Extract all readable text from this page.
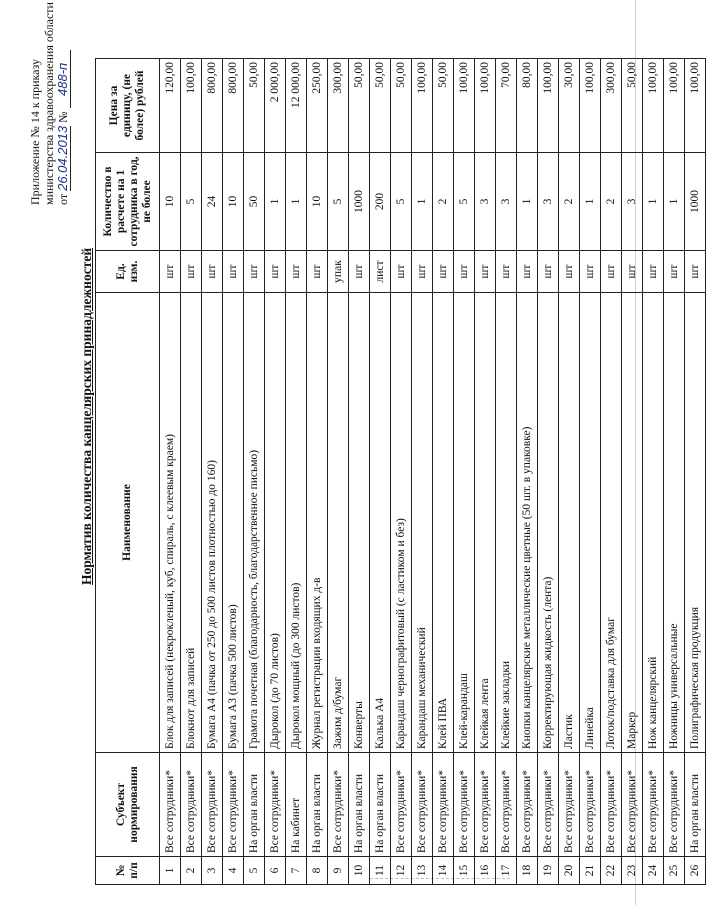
Приложение № 14 к приказу министерства здравоохранения области от 26.04.2013 № 488-п
Норматив количества канцелярских принадлежностей
№ п/п	Субъект нормирования	Наименование	Ед. изм.	Количество в расчете на 1 сотрудника в год, не более	Цена за единицу, (не более) рублей
1	Все сотрудники*	Блок для записей (некрокленый, куб, спираль, с клеевым краем)	шт	10	120,00
2	Все сотрудники*	Блокнот для записей	шт	5	100,00
3	Все сотрудники*	Бумага А4 (пачка от 250 до 500 листов плотностью до 160)	шт	24	800,00
4	Все сотрудники*	Бумага А3 (пачка 500 листов)	шт	10	800,00
5	На орган власти	Грамота почетная (благодарность, благодарственное письмо)	шт	50	50,00
6	Все сотрудники*	Дырокол (до 70 листов)	шт	1	2 000,00
7	На кабинет	Дырокол мощный (до 300 листов)	шт	1	12 000,00
8	На орган власти	Журнал регистрации входящих д-в	шт	10	250,00
9	Все сотрудники*	Зажим д/бумаг	упак	5	300,00
10	На орган власти	Конверты	шт	1000	50,00
11	На орган власти	Калька А4	лист	200	50,00
12	Все сотрудники*	Карандаш чернографитовый (с ластиком и без)	шт	5	50,00
13	Все сотрудники*	Карандаш механический	шт	1	100,00
14	Все сотрудники*	Клей ПВА	шт	2	50,00
15	Все сотрудники*	Клей-карандаш	шт	5	100,00
16	Все сотрудники*	Клейкая лента	шт	3	100,00
17	Все сотрудники*	Клейкие закладки	шт	3	70,00
18	Все сотрудники*	Кнопки канцелярские металлические цветные (50 шт. в упаковке)	шт	1	80,00
19	Все сотрудники*	Корректирующая жидкость (лента)	шт	3	100,00
20	Все сотрудники*	Ластик	шт	2	30,00
21	Все сотрудники*	Линейка	шт	1	100,00
22	Все сотрудники*	Лоток/подставка для бумаг	шт	2	300,00
23	Все сотрудники*	Маркер	шт	3	50,00
24	Все сотрудники*	Нож канцелярский	шт	1	100,00
25	Все сотрудники*	Ножницы универсальные	шт	1	100,00
26	На орган власти	Полиграфическая продукция	шт	1000	100,00
